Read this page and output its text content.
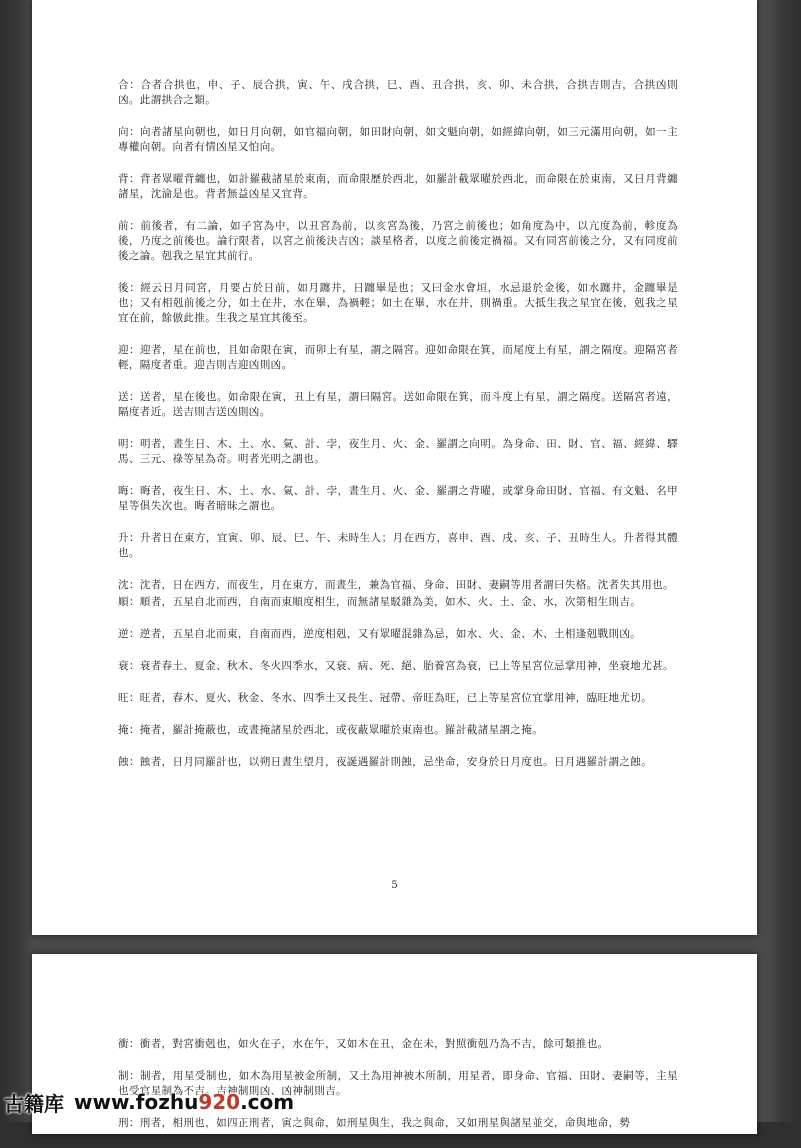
合：合者合拱也，申、子、辰合拱，寅、午、戌合拱，巳、酉、丑合拱，亥、卯、未合拱，合拱吉則吉，合拱凶則凶。此謂拱合之類。

向：向者諸星向朝也，如日月向朝，如官福向朝，如田財向朝，如文魁向朝，如經緯向朝，如三元滿用向朝，如一主專權向朝。向者有情凶星又怕向。

背：背者眾曜背纏也，如計羅截諸星於東南，而命限歷於西北，如羅計截眾曜於西北，而命限在於東南，又日月背纏諸星，沈淪是也。背者無益凶星又宜背。

前：前後者，有二論，如子宮為中，以丑宮為前，以亥宮為後，乃宮之前後也；如角度為中，以亢度為前，軫度為後，乃度之前後也。論行限者，以宮之前後決吉凶；談星格者，以度之前後定禍福。又有同宮前後之分，又有同度前後之論。剋我之星宜其前行。

後：經云日月同宮，月要占於日前，如月躔井，日躔畢是也；又曰金水會垣，水忌退於金後，如水躔井，金躔畢是也；又有相剋前後之分，如土在井，水在畢，為禍輕；如土在畢，水在井，則禍重。大抵生我之星宜在後，剋我之星宜在前，餘倣此推。生我之星宜其後至。

迎：迎者，星在前也，且如命限在寅，而卯上有星，謂之隔宮。迎如命限在箕，而尾度上有星，謂之隔度。迎隔宮者輕，隔度者重。迎吉則吉迎凶則凶。

送：送者，星在後也。如命限在寅，丑上有星，謂曰隔宮。送如命限在箕，而斗度上有星，謂之隔度。送隔宮者遠，隔度者近。送吉則吉送凶則凶。

明：明者，晝生日、木、土、水、氣、計、孛，夜生月、火、金、羅謂之向明。為身命、田、財、官、福、經緯、驛馬、三元、祿等星為奇。明者光明之謂也。

晦：晦者，夜生日、木、土、水、氣、計、孛，晝生月、火、金、羅謂之背曜，或掌身命田財、官福、有文魁、名甲星等俱失次也。晦者暗昧之謂也。

升：升者日在東方，宜寅、卯、辰、巳、午、未時生人；月在西方，喜申、酉、戌、亥、子、丑時生人。升者得其體也。

沈：沈者，日在西方，而夜生，月在東方，而晝生，兼為官福、身命、田財、妻嗣等用者謂曰失格。沈者失其用也。

順：順者，五星自北而西，自南而東順度相生，而無諸星駁雜為美，如木、火、土、金、水，次第相生則吉。

逆：逆者，五星自北而東，自南而西，逆度相剋，又有眾曜混雜為忌，如水、火、金、木、土相逢剋戰則凶。

衰：衰者春土、夏金、秋木、冬火四季水，又衰、病、死、絕、胎養宮為衰，已上等星宮位忌掌用神，坐衰地尤甚。

旺：旺者，春木、夏火、秋金、冬水、四季土又長生、冠帶、帝旺為旺，已上等星宮位宜掌用神，臨旺地尤切。

掩：掩者，羅計掩蔽也，或晝掩諸星於西北，或夜蔽眾曜於東南也。羅計截諸星謂之掩。

蝕：蝕者，日月同羅計也，以朔日晝生望月，夜誕遇羅計則蝕，忌坐命，安身於日月度也。日月遇羅計謂之蝕。

5

衝：衝者，對宮衝剋也，如火在子，水在午，又如木在丑，金在未，對照衝剋乃為不吉，餘可類推也。

制：制者，用星受制也，如木為用星被金所制，又土為用神被木所制，用星者，即身命、官福、田財、妻嗣等，主星也受官星制為不吉。吉神制則凶、凶神制則吉。

刑：刑者，相刑也，如四正刑者，寅之與命，如刑星與生，我之與命，又如刑星與諸星並交，命與地命，勢

古籍库 www.fozhu920.com
